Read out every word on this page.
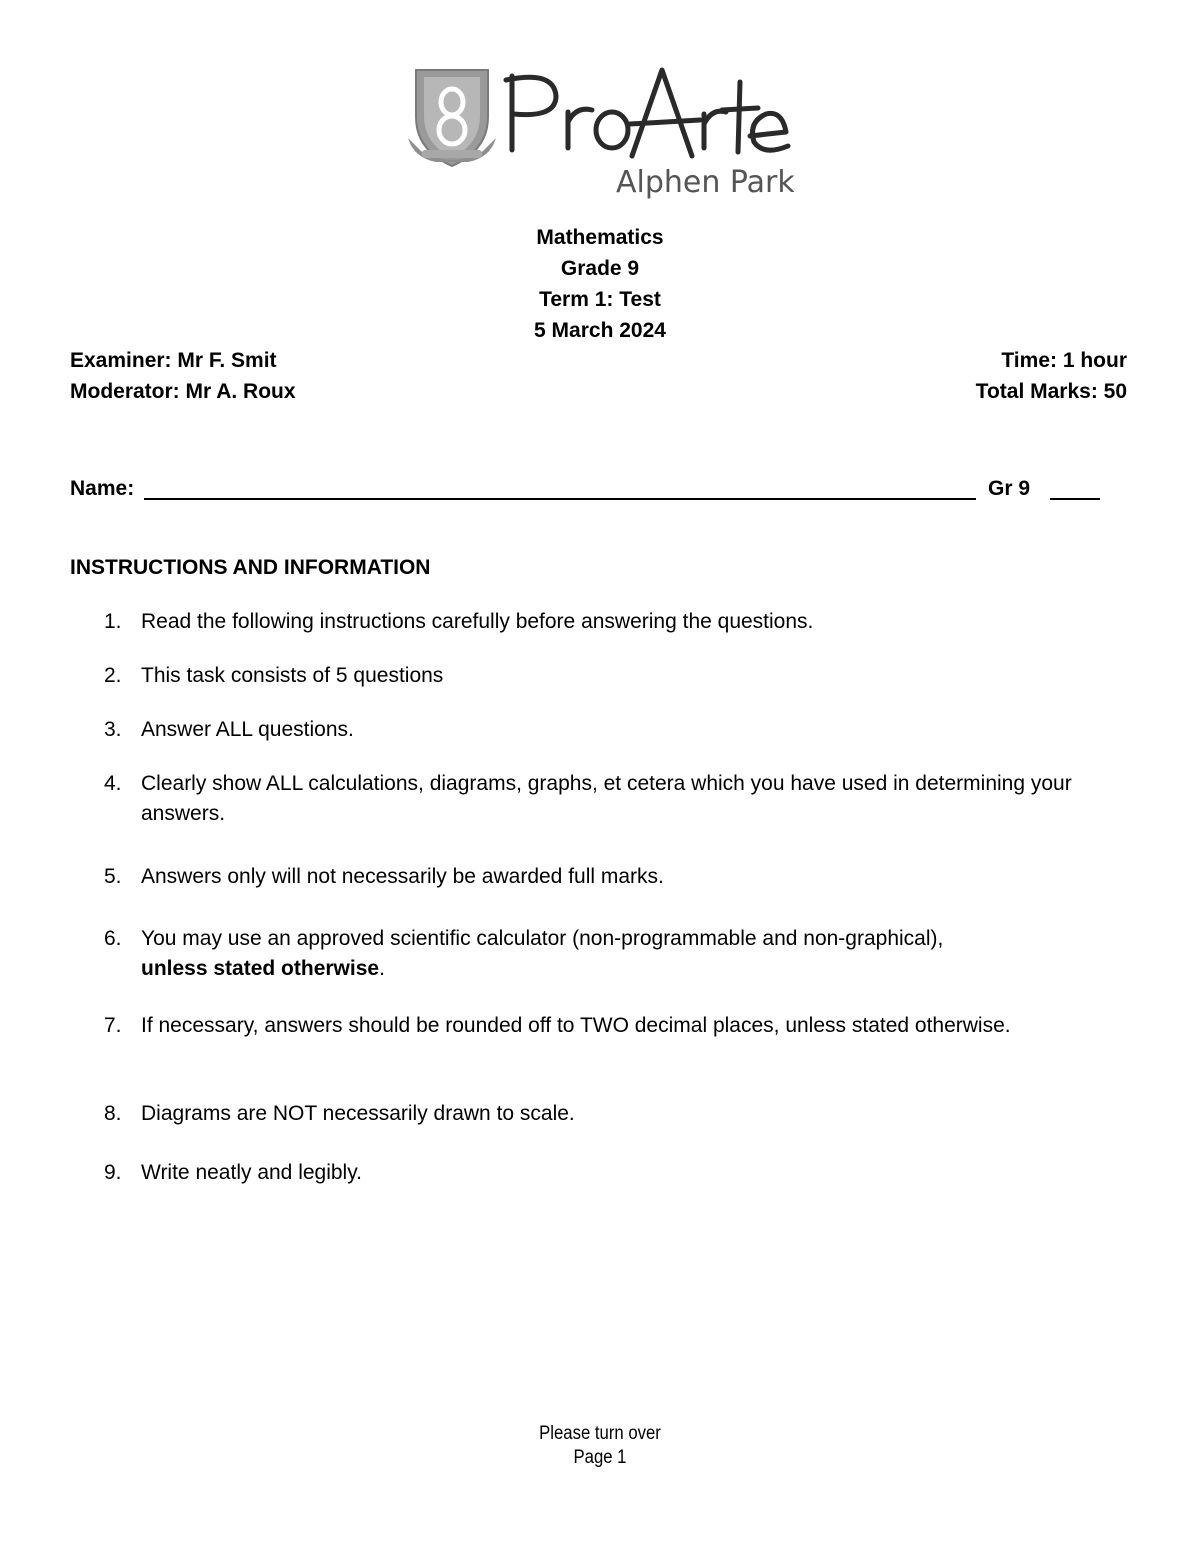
Alphen Park
Mathematics
Grade 9
Term 1: Test
5 March 2024
Examiner: Mr F. Smit
Moderator: Mr A. Roux
Time: 1 hour
Total Marks: 50
Name:	Gr 9
INSTRUCTIONS AND INFORMATION
1. Read the following instructions carefully before answering the questions.
2. This task consists of 5 questions
3. Answer ALL questions.
4. Clearly show ALL calculations, diagrams, graphs, et cetera which you have used in determining your answers.
5. Answers only will not necessarily be awarded full marks.
6. You may use an approved scientific calculator (non-programmable and non-graphical),
unless stated otherwise.
7. If necessary, answers should be rounded off to TWO decimal places, unless stated otherwise.
8. Diagrams are NOT necessarily drawn to scale.
9. Write neatly and legibly.
Please turn over
Page 1
